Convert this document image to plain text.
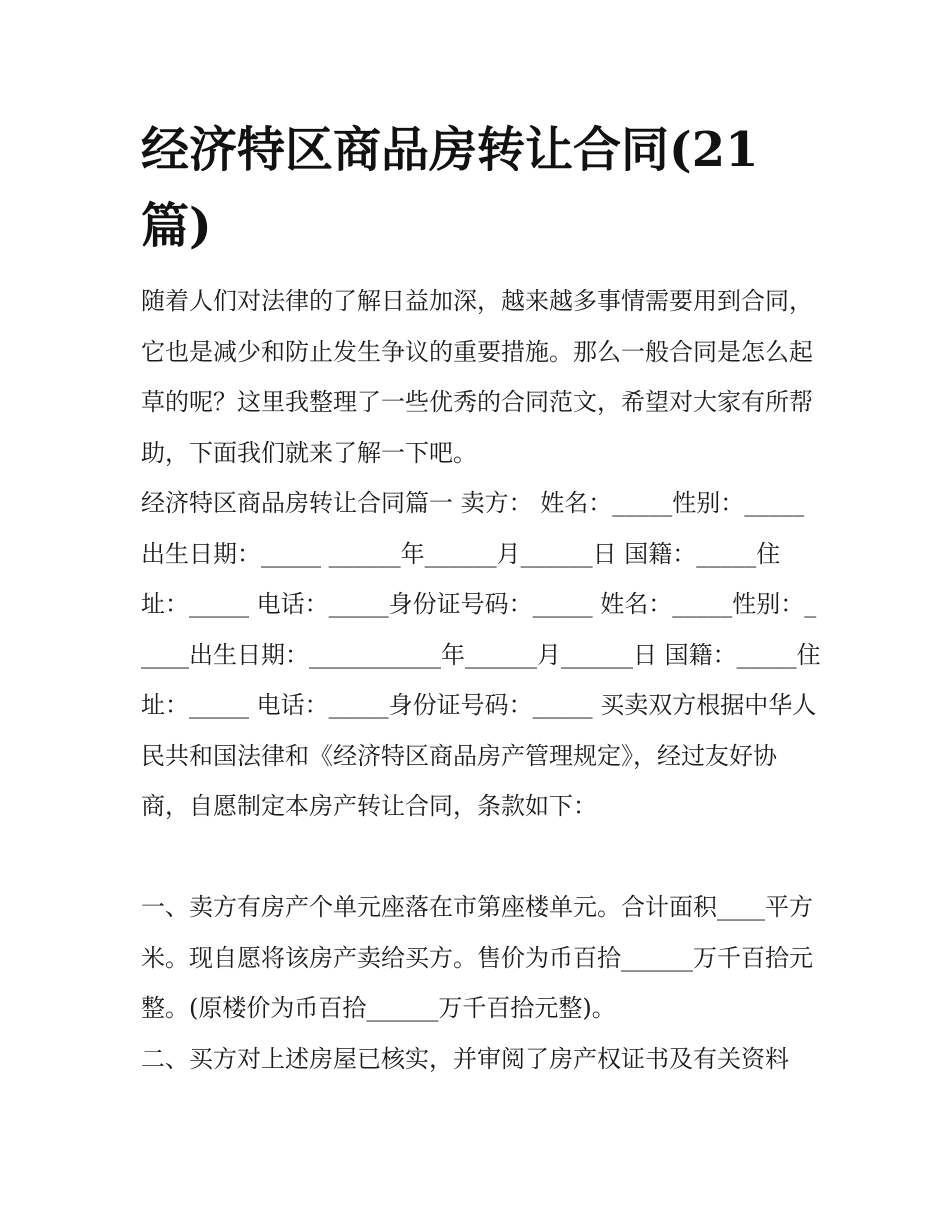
经济特区商品房转让合同(21篇)

随着人们对法律的了解日益加深，越来越多事情需要用到合同，它也是减少和防止发生争议的重要措施。那么一般合同是怎么起草的呢？这里我整理了一些优秀的合同范文，希望对大家有所帮助，下面我们就来了解一下吧。

经济特区商品房转让合同篇一 卖方： 姓名：_____性别：_____出生日期：_____ ______年______月______日 国籍：_____住址：_____ 电话：_____身份证号码：_____ 姓名：_____性别：_____出生日期：___________年______月______日 国籍：_____住址：_____ 电话：_____身份证号码：_____ 买卖双方根据中华人民共和国法律和《经济特区商品房产管理规定》，经过友好协商，自愿制定本房产转让合同，条款如下：

一、卖方有房产个单元座落在市第座楼单元。合计面积____平方米。现自愿将该房产卖给买方。售价为币百拾______万千百拾元整。(原楼价为币百拾______万千百拾元整)。

二、买方对上述房屋已核实，并审阅了房产权证书及有关资料
